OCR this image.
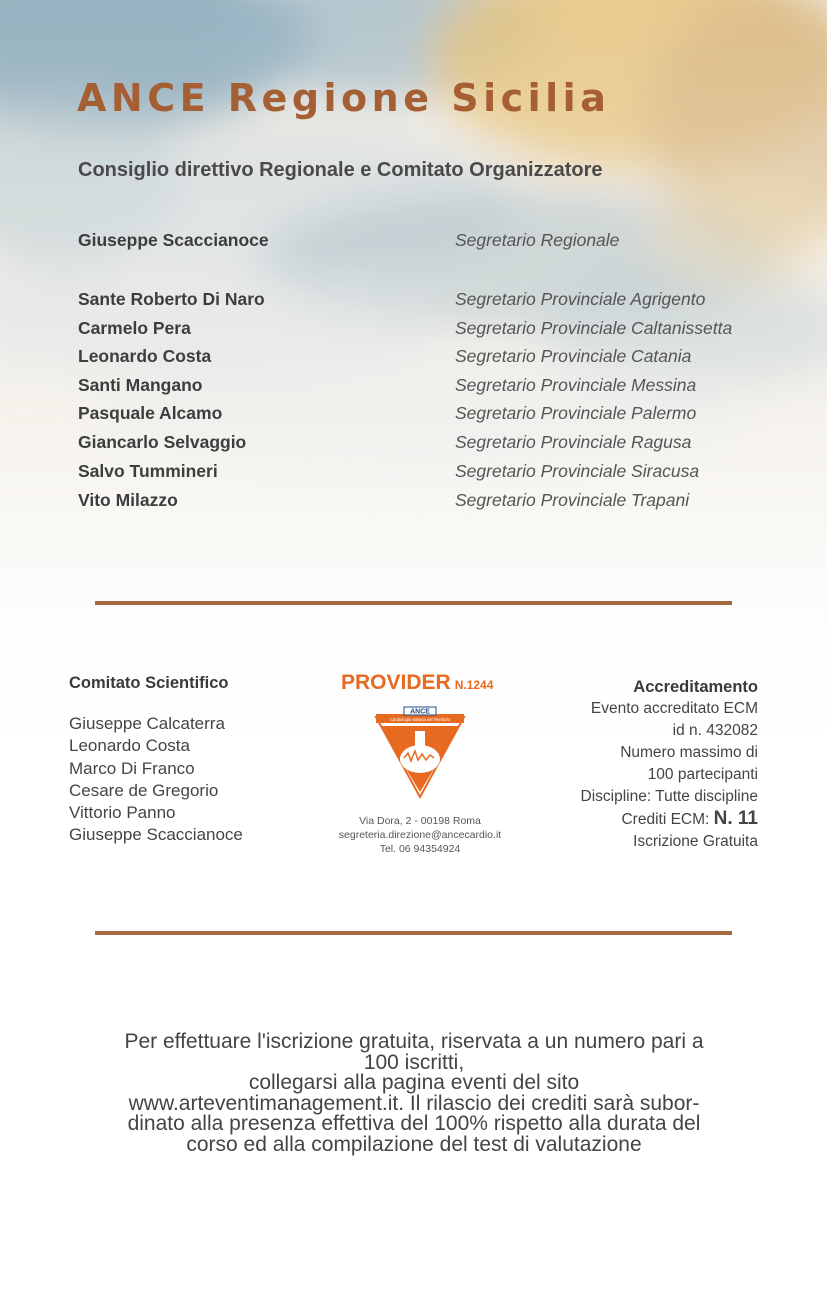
ANCE Regione Sicilia
Consiglio direttivo Regionale e Comitato Organizzatore
Giuseppe Scaccianoce	Segretario Regionale
Sante Roberto Di Naro	Segretario Provinciale Agrigento
Carmelo Pera	Segretario Provinciale Caltanissetta
Leonardo Costa	Segretario Provinciale Catania
Santi Mangano	Segretario Provinciale Messina
Pasquale Alcamo	Segretario Provinciale Palermo
Giancarlo Selvaggio	Segretario Provinciale Ragusa
Salvo Tummineri	Segretario Provinciale Siracusa
Vito Milazzo	Segretario Provinciale Trapani
Comitato Scientifico
Giuseppe Calcaterra
Leonardo Costa
Marco Di Franco
Cesare de Gregorio
Vittorio Panno
Giuseppe Scaccianoce
PROVIDER N.1244
ANCE
Cardiologia Italiana del Territorio
Via Dora, 2 - 00198 Roma
segreteria.direzione@ancecardio.it
Tel. 06 94354924
Accreditamento
Evento accreditato ECM
id n. 432082
Numero massimo di
100 partecipanti
Discipline: Tutte discipline
Crediti ECM: N. 11
Iscrizione Gratuita
Per effettuare l'iscrizione gratuita, riservata a un numero pari a
100 iscritti,
collegarsi alla pagina eventi del sito
www.arteventimanagement.it. Il rilascio dei crediti sarà subor-
dinato alla presenza effettiva del 100% rispetto alla durata del
corso ed alla compilazione del test di valutazione
